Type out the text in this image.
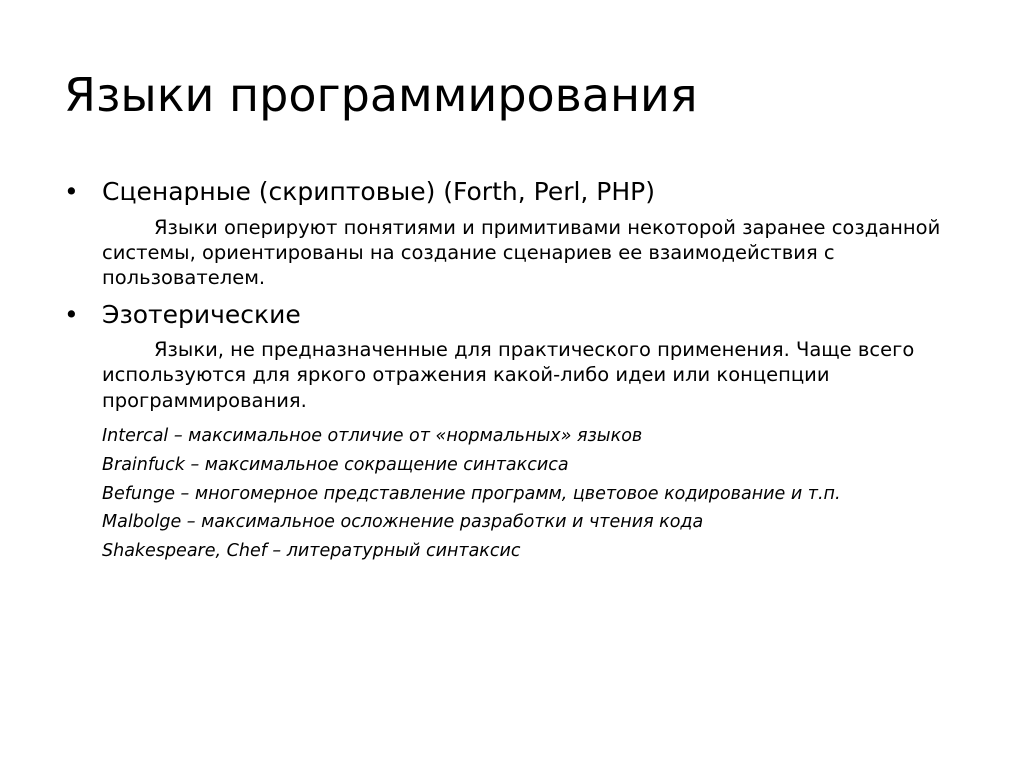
Языки программирования

• Сценарные (скриптовые) (Forth, Perl, PHP)

Языки оперируют понятиями и примитивами некоторой заранее созданной системы, ориентированы на создание сценариев ее взаимодействия с пользователем.

• Эзотерические

Языки, не предназначенные для практического применения. Чаще всего используются для яркого отражения какой-либо идеи или концепции программирования.

Intercal – максимальное отличие от «нормальных» языков

Brainfuck – максимальное сокращение синтаксиса

Befunge – многомерное представление программ, цветовое кодирование и т.п.

Malbolge – максимальное осложнение разработки и чтения кода

Shakespeare, Chef – литературный синтаксис
